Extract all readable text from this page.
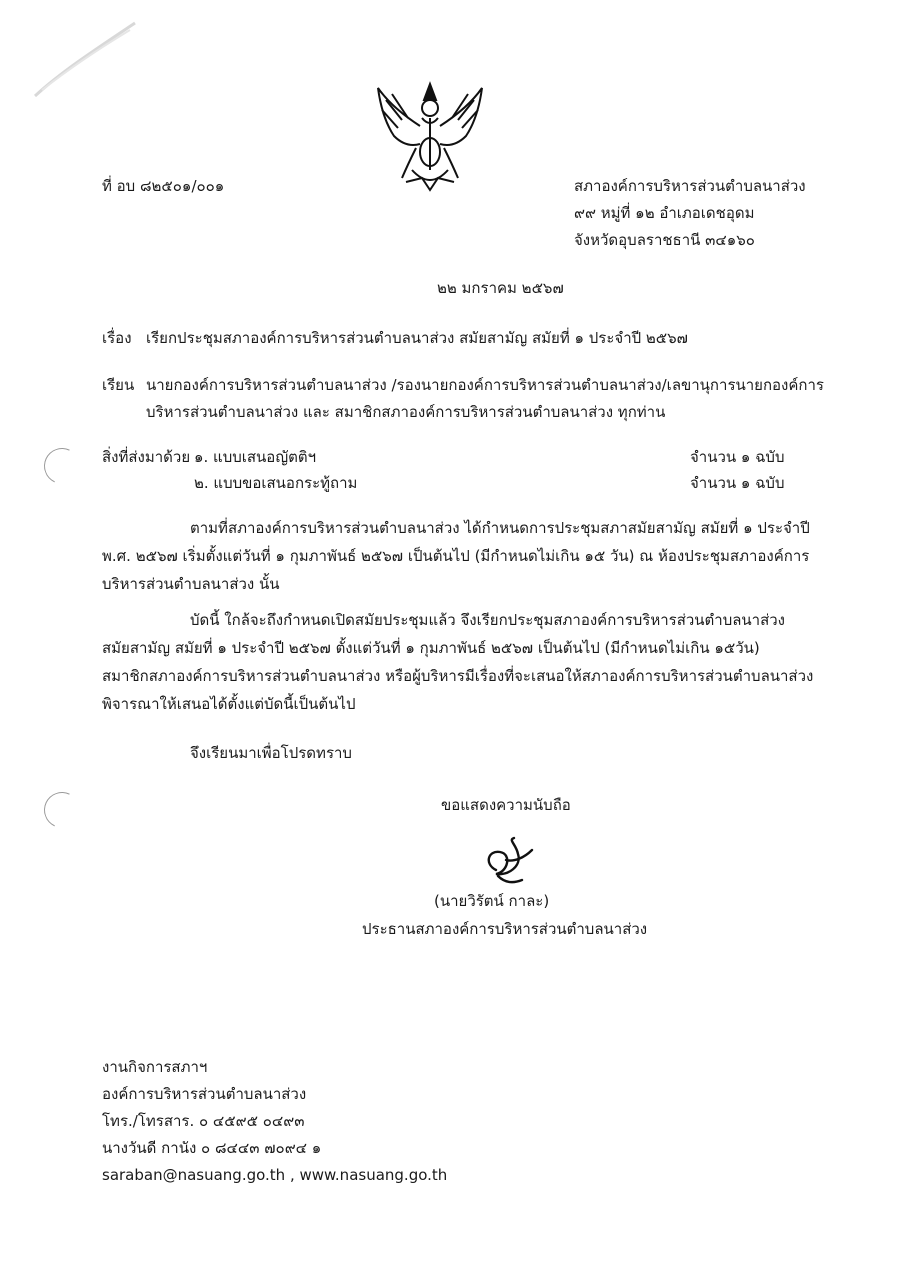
ที่ อบ ๘๒๕๐๑/๐๐๑	สภาองค์การบริหารส่วนตำบลนาส่วง
๙๙ หมู่ที่ ๑๒ อำเภอเดชอุดม
จังหวัดอุบลราชธานี ๓๔๑๖๐
๒๒ มกราคม ๒๕๖๗
เรื่อง เรียกประชุมสภาองค์การบริหารส่วนตำบลนาส่วง สมัยสามัญ สมัยที่ ๑ ประจำปี ๒๕๖๗
เรียน นายกองค์การบริหารส่วนตำบลนาส่วง /รองนายกองค์การบริหารส่วนตำบลนาส่วง/เลขานุการนายกองค์การ
บริหารส่วนตำบลนาส่วง และ สมาชิกสภาองค์การบริหารส่วนตำบลนาส่วง ทุกท่าน
สิ่งที่ส่งมาด้วย ๑. แบบเสนอญัตติฯ	จำนวน ๑ ฉบับ
๒. แบบขอเสนอกระทู้ถาม	จำนวน ๑ ฉบับ
ตามที่สภาองค์การบริหารส่วนตำบลนาส่วง ได้กำหนดการประชุมสภาสมัยสามัญ สมัยที่ ๑ ประจำปี
พ.ศ. ๒๕๖๗ เริ่มตั้งแต่วันที่ ๑ กุมภาพันธ์ ๒๕๖๗ เป็นต้นไป (มีกำหนดไม่เกิน ๑๕ วัน) ณ ห้องประชุมสภาองค์การ
บริหารส่วนตำบลนาส่วง นั้น
บัดนี้ ใกล้จะถึงกำหนดเปิดสมัยประชุมแล้ว จึงเรียกประชุมสภาองค์การบริหารส่วนตำบลนาส่วง
สมัยสามัญ สมัยที่ ๑ ประจำปี ๒๕๖๗ ตั้งแต่วันที่ ๑ กุมภาพันธ์ ๒๕๖๗ เป็นต้นไป (มีกำหนดไม่เกิน ๑๕วัน)
สมาชิกสภาองค์การบริหารส่วนตำบลนาส่วง หรือผู้บริหารมีเรื่องที่จะเสนอให้สภาองค์การบริหารส่วนตำบลนาส่วง
พิจารณาให้เสนอได้ตั้งแต่บัดนี้เป็นต้นไป
จึงเรียนมาเพื่อโปรดทราบ
ขอแสดงความนับถือ
(นายวิรัตน์ กาละ)
ประธานสภาองค์การบริหารส่วนตำบลนาส่วง
งานกิจการสภาฯ
องค์การบริหารส่วนตำบลนาส่วง
โทร./โทรสาร. ๐ ๔๕๙๕ ๐๔๙๓
นางวันดี กานัง ๐ ๘๔๔๓ ๗๐๙๔ ๑
saraban@nasuang.go.th , www.nasuang.go.th
